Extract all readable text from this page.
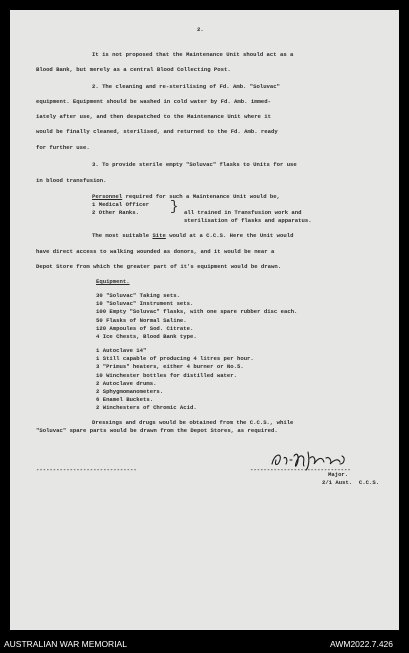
2.
It is not proposed that the Maintenance Unit should act as a
Blood Bank, but merely as a central Blood Collecting Post.
2. The cleaning and re-sterilising of Fd. Amb. "Soluvac"
equipment. Equipment should be washed in cold water by Fd. Amb. immed-
iately after use, and then despatched to the Maintenance Unit where it
would be finally cleaned, sterilised, and returned to the Fd. Amb. ready
for further use.
3. To provide sterile empty "Soluvac" flasks to Units for use
in blood transfusion.
Personnel required for such a Maintenance Unit would be,
1 Medical Officer
2 Other Ranks. } all trained in Transfusion work and
sterilisation of flasks and apparatus.
The most suitable Site would at a C.C.S. Here the Unit would
have direct access to walking wounded as donors, and it would be near a
Depot Store from which the greater part of it's equipment would be drawn.
Equipment.
30 "Soluvac" Taking sets.
10 "Soluvac" Instrument sets.
100 Empty "Soluvac" flasks, with one spare rubber disc each.
50 Flasks of Normal Saline.
120 Ampoules of Sod. Citrate.
4 Ice Chests, Blood Bank type.
1 Autoclave 14"
1 Still capable of producing 4 litres per hour.
3 "Primus" heaters, either 4 burner or No.5.
10 Winchester bottles for distilled water.
2 Autoclave drums.
2 Sphygmomanometers.
6 Enamel Buckets.
2 Winchesters of Chromic Acid.
Dressings and drugs would be obtained from the C.C.S., while
"Soluvac" spare parts would be drawn from the Depot Stores, as required.
------------------------------	------------------------------
Major.
2/1 Aust.  C.C.S.
AUSTRALIAN WAR MEMORIAL	AWM2022.7.426
